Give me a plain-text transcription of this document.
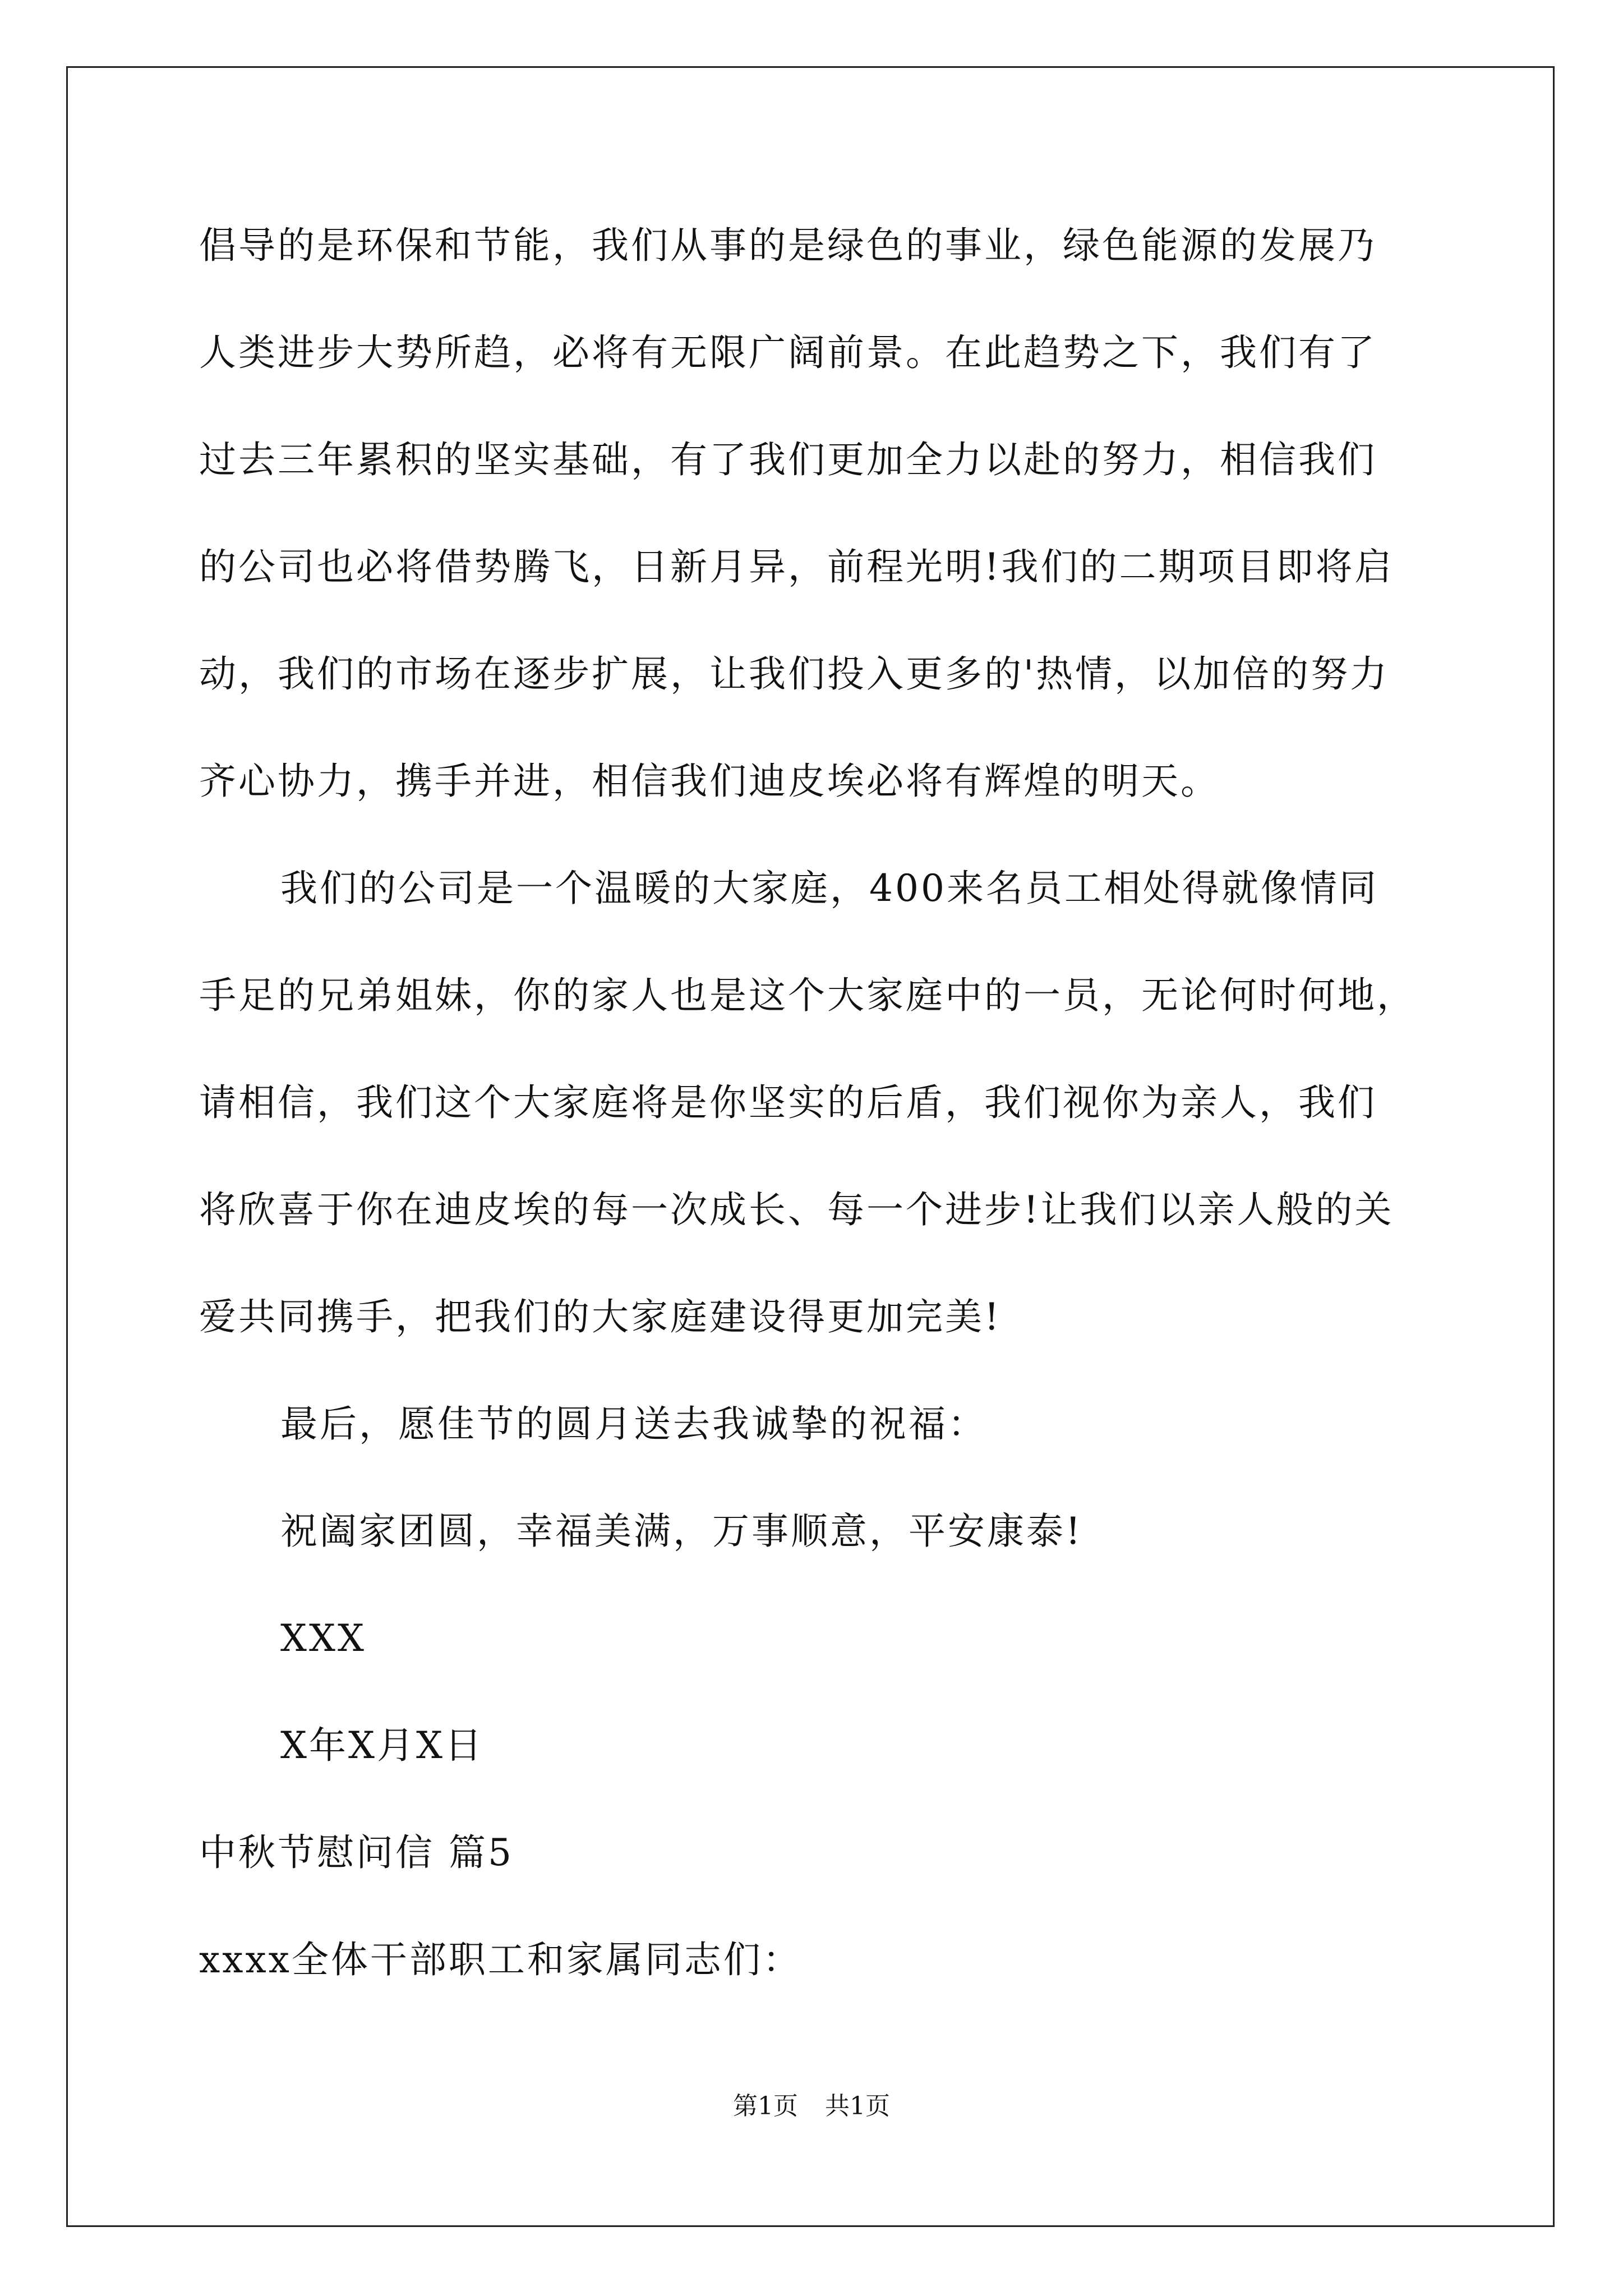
倡导的是环保和节能，我们从事的是绿色的事业，绿色能源的发展乃
人类进步大势所趋，必将有无限广阔前景。在此趋势之下，我们有了
过去三年累积的坚实基础，有了我们更加全力以赴的努力，相信我们
的公司也必将借势腾飞，日新月异，前程光明!我们的二期项目即将启
动，我们的市场在逐步扩展，让我们投入更多的'热情，以加倍的努力
齐心协力，携手并进，相信我们迪皮埃必将有辉煌的明天。
我们的公司是一个温暖的大家庭，400来名员工相处得就像情同
手足的兄弟姐妹，你的家人也是这个大家庭中的一员，无论何时何地，
请相信，我们这个大家庭将是你坚实的后盾，我们视你为亲人，我们
将欣喜于你在迪皮埃的每一次成长、每一个进步!让我们以亲人般的关
爱共同携手，把我们的大家庭建设得更加完美!
最后，愿佳节的圆月送去我诚挚的祝福：
祝阖家团圆，幸福美满，万事顺意，平安康泰!
XXX
X年X月X日
中秋节慰问信 篇5
xxxx全体干部职工和家属同志们：
第1页 共1页
